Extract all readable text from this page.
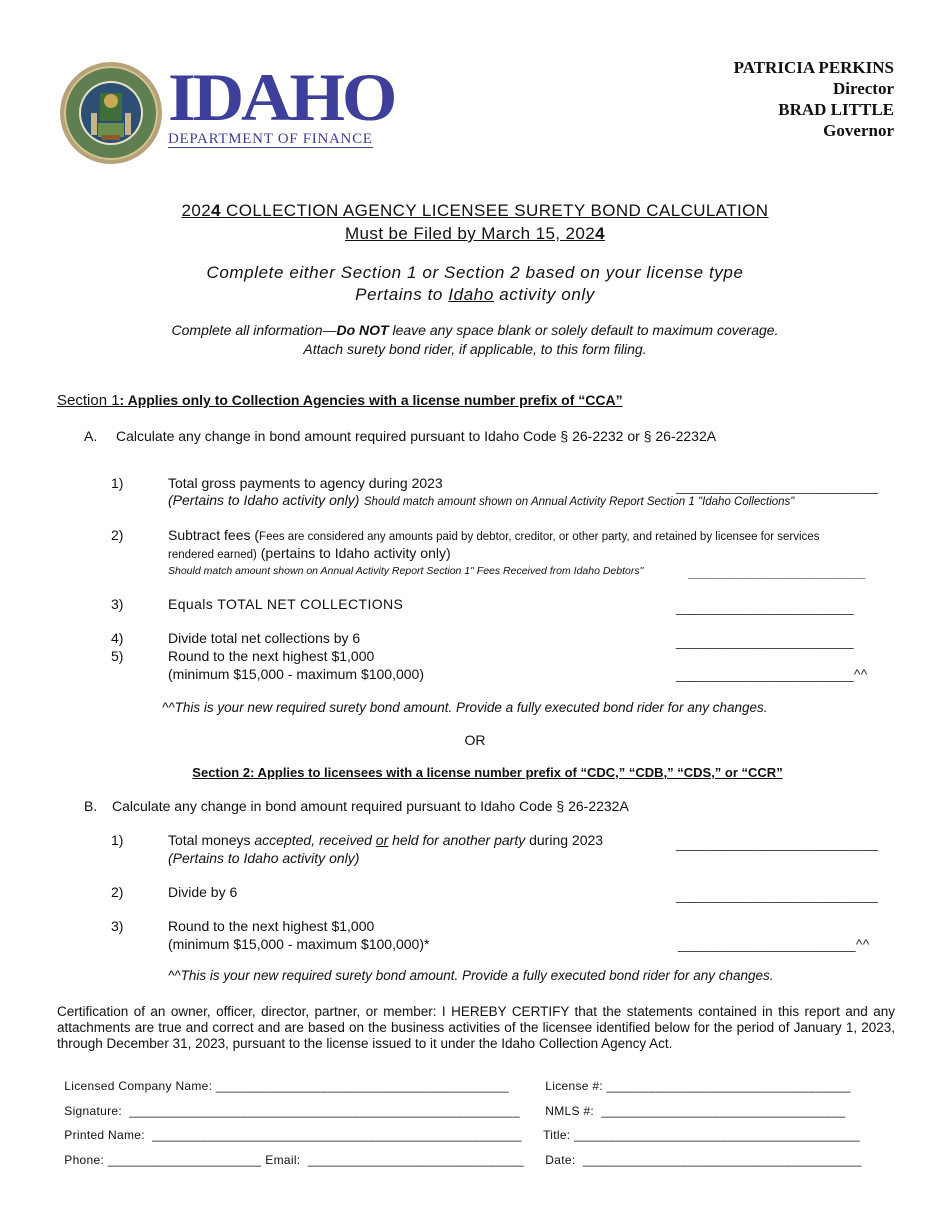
IDAHO
DEPARTMENT OF FINANCE
PATRICIA PERKINS
Director
BRAD LITTLE
Governor
2024 COLLECTION AGENCY LICENSEE SURETY BOND CALCULATION
Must be Filed by March 15, 2024
Complete either Section 1 or Section 2 based on your license type
Pertains to Idaho activity only
Complete all information—Do NOT leave any space blank or solely default to maximum coverage.
Attach surety bond rider, if applicable, to this form filing.
Section 1: Applies only to Collection Agencies with a license number prefix of “CCA”
A. Calculate any change in bond amount required pursuant to Idaho Code § 26-2232 or § 26-2232A
1)	Total gross payments to agency during 2023	_________________________
(Pertains to Idaho activity only) Should match amount shown on Annual Activity Report Section 1 "Idaho Collections"
2)	Subtract fees (Fees are considered any amounts paid by debtor, creditor, or other party, and retained by licensee for services
rendered earned) (pertains to Idaho activity only)
Should match amount shown on Annual Activity Report Section 1" Fees Received from Idaho Debtors"	______________________
3)	Equals TOTAL NET COLLECTIONS	______________________
4)	Divide total net collections by 6	______________________
5)	Round to the next highest $1,000
(minimum $15,000 - maximum $100,000)	______________________^^
^^This is your new required surety bond amount. Provide a fully executed bond rider for any changes.
OR
Section 2: Applies to licensees with a license number prefix of “CDC,” “CDB,” “CDS,” or “CCR”
B. Calculate any change in bond amount required pursuant to Idaho Code § 26-2232A
1)	Total moneys accepted, received or held for another party during 2023
(Pertains to Idaho activity only)
_________________________
2)	Divide by 6	_________________________
3)	Round to the next highest $1,000
(minimum $15,000 - maximum $100,000)*	______________________^^
^^This is your new required surety bond amount. Provide a fully executed bond rider for any changes.
Certification of an owner, officer, director, partner, or member: I HEREBY CERTIFY that the statements contained in this report and any attachments are true and correct and are based on the business activities of the licensee identified below for the period of January 1, 2023, through December 31, 2023, pursuant to the license issued to it under the Idaho Collection Agency Act.

Licensed Company Name: __________________________________________	License #: ___________________________________

Signature:  ________________________________________________________	NMLS #:  ___________________________________

Printed Name:  _____________________________________________________	Title: _________________________________________

Phone: ______________________ Email:  _______________________________	Date:  ________________________________________
